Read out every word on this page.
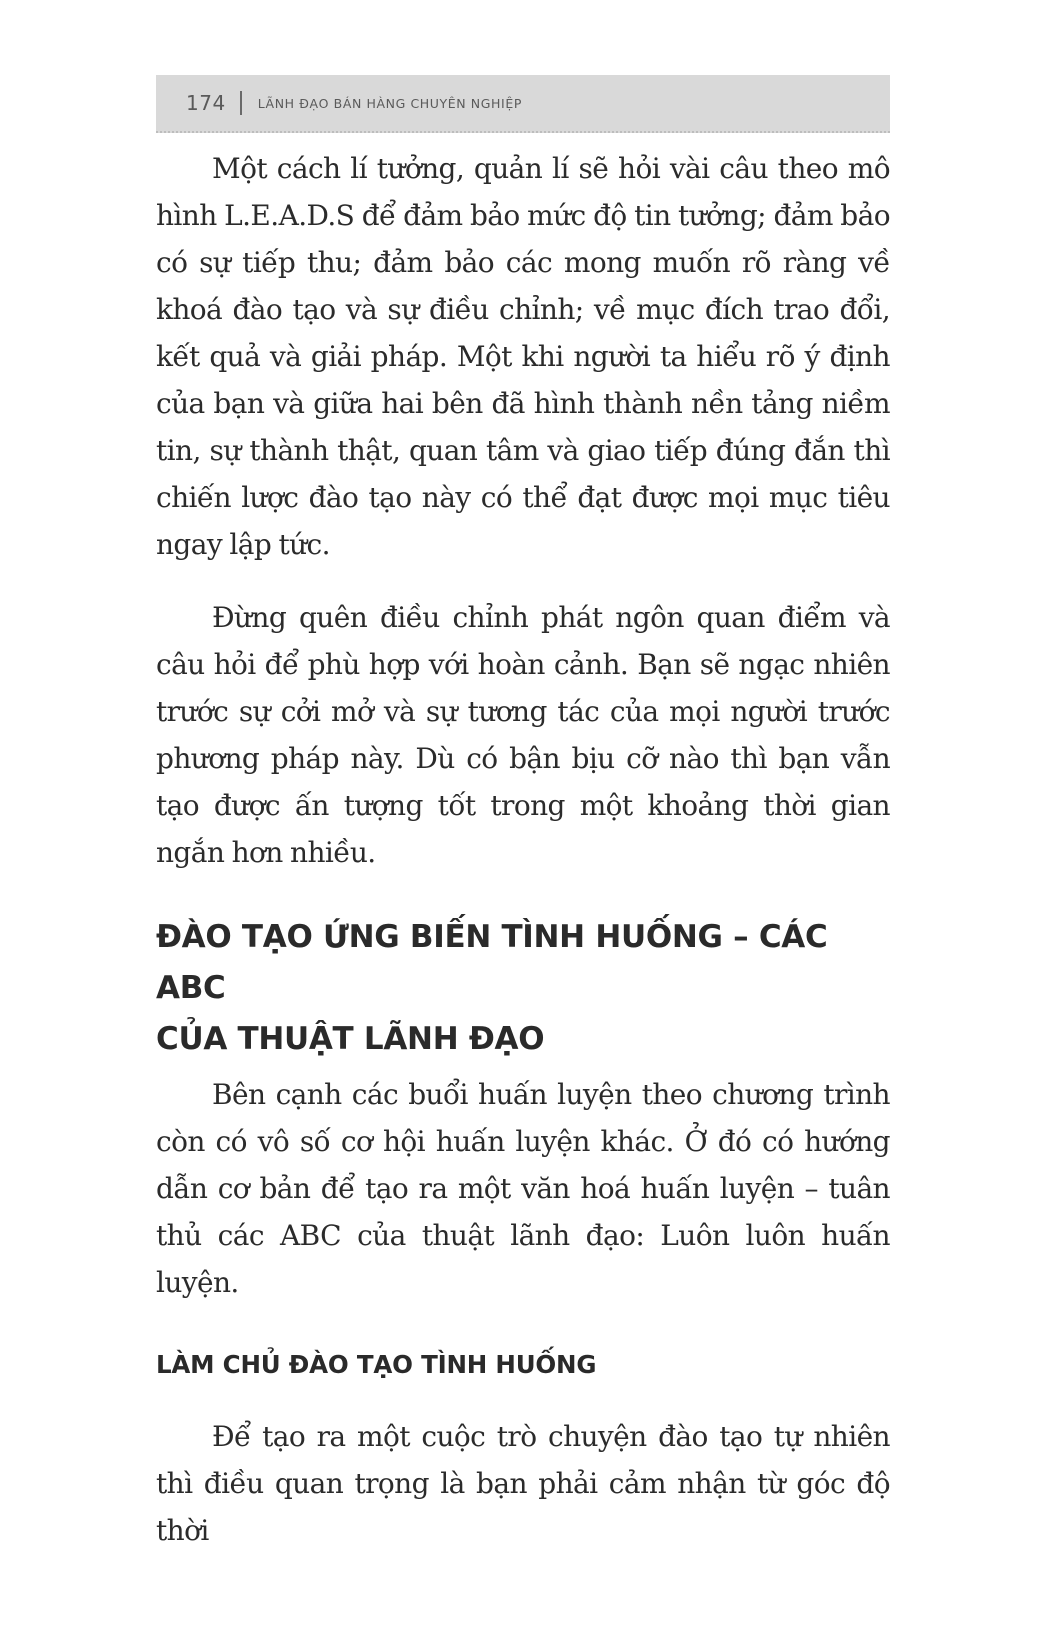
174	LÃNH ĐẠO BÁN HÀNG CHUYÊN NGHIỆP

Một cách lí tưởng, quản lí sẽ hỏi vài câu theo mô hình L.E.A.D.S để đảm bảo mức độ tin tưởng; đảm bảo có sự tiếp thu; đảm bảo các mong muốn rõ ràng về khoá đào tạo và sự điều chỉnh; về mục đích trao đổi, kết quả và giải pháp. Một khi người ta hiểu rõ ý định của bạn và giữa hai bên đã hình thành nền tảng niềm tin, sự thành thật, quan tâm và giao tiếp đúng đắn thì chiến lược đào tạo này có thể đạt được mọi mục tiêu ngay lập tức.

Đừng quên điều chỉnh phát ngôn quan điểm và câu hỏi để phù hợp với hoàn cảnh. Bạn sẽ ngạc nhiên trước sự cởi mở và sự tương tác của mọi người trước phương pháp này. Dù có bận bịu cỡ nào thì bạn vẫn tạo được ấn tượng tốt trong một khoảng thời gian ngắn hơn nhiều.

ĐÀO TẠO ỨNG BIẾN TÌNH HUỐNG – CÁC ABC
CỦA THUẬT LÃNH ĐẠO

Bên cạnh các buổi huấn luyện theo chương trình còn có vô số cơ hội huấn luyện khác. Ở đó có hướng dẫn cơ bản để tạo ra một văn hoá huấn luyện – tuân thủ các ABC của thuật lãnh đạo: Luôn luôn huấn luyện.

LÀM CHỦ ĐÀO TẠO TÌNH HUỐNG

Để tạo ra một cuộc trò chuyện đào tạo tự nhiên thì điều quan trọng là bạn phải cảm nhận từ góc độ thời
